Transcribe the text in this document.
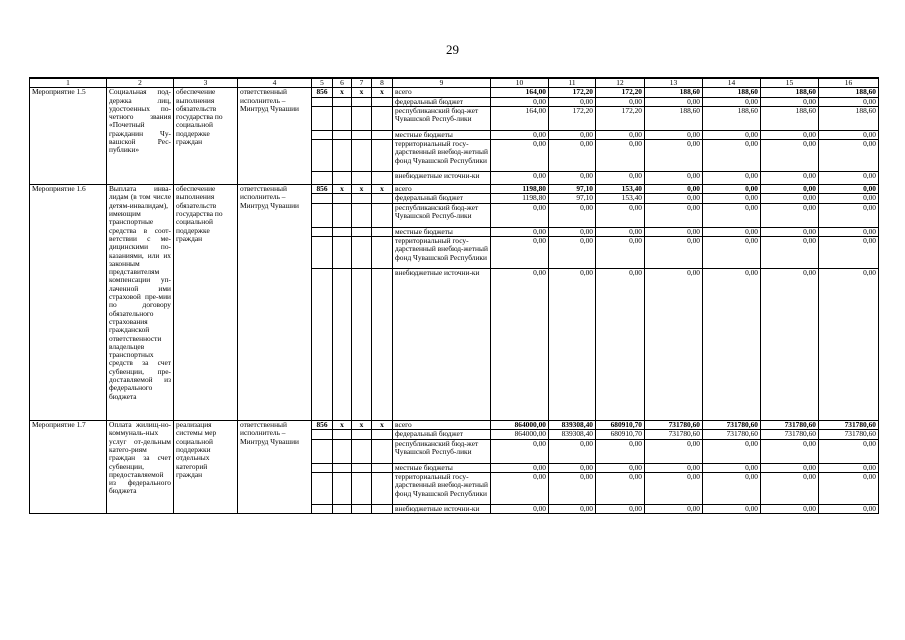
29
1	2	3	4	5	6	7	8	9	10	11	12	13	14	15	16
Мероприятие 1.5	Социальная под-держка лиц, удостоенных по-четного звания «Почетный гражданин Чу-вашской Рес-публики»	обеспечение выполнения обязательств государства по социальной поддержке граждан	ответственный исполнитель – Минтруд Чувашии	856	x	x	x	всего	164,00	172,20	172,20	188,60	188,60	188,60	188,60
								федеральный бюджет	0,00	0,00	0,00	0,00	0,00	0,00	0,00
								республиканский бюд-жет Чувашской Респуб-лики	164,00	172,20	172,20	188,60	188,60	188,60	188,60
								местные бюджеты	0,00	0,00	0,00	0,00	0,00	0,00	0,00
								территориальный госу-дарственный внебюд-жетный фонд Чувашской Республики	0,00	0,00	0,00	0,00	0,00	0,00	0,00
								внебюджетные источни-ки	0,00	0,00	0,00	0,00	0,00	0,00	0,00
Мероприятие 1.6	Выплата инва-лидам (в том числе детям-инвалидам), имеющим транспортные средства в соот-ветствии с ме-дицинскими по-казаниями, или их законным представителям компенсации уп-лаченной ими страховой пре-мии по договору обязательного страхования гражданской ответственности владельцев транспортных средств за счет субвенции, пре-доставляемой из федерального бюджета	обеспечение выполнения обязательств государства по социальной поддержке граждан	ответственный исполнитель – Минтруд Чувашии	856	x	x	x	всего	1198,80	97,10	153,40	0,00	0,00	0,00	0,00
								федеральный бюджет	1198,80	97,10	153,40	0,00	0,00	0,00	0,00
								республиканский бюд-жет Чувашской Респуб-лики	0,00	0,00	0,00	0,00	0,00	0,00	0,00
								местные бюджеты	0,00	0,00	0,00	0,00	0,00	0,00	0,00
								территориальный госу-дарственный внебюд-жетный фонд Чувашской Республики	0,00	0,00	0,00	0,00	0,00	0,00	0,00
								внебюджетные источни-ки	0,00	0,00	0,00	0,00	0,00	0,00	0,00
Мероприятие 1.7	Оплата жилищ-но-коммуналь-ных услуг от-дельным катего-риям граждан за счет субвенции, предоставляемой из федерального бюджета	реализация системы мер социальной поддержки отдельных категорий граждан	ответственный исполнитель – Минтруд Чувашии	856	x	x	x	всего	864000,00	839308,40	680910,70	731780,60	731780,60	731780,60	731780,60
								федеральный бюджет	864000,00	839308,40	680910,70	731780,60	731780,60	731780,60	731780,60
								республиканский бюд-жет Чувашской Респуб-лики	0,00	0,00	0,00	0,00	0,00	0,00	0,00
								местные бюджеты	0,00	0,00	0,00	0,00	0,00	0,00	0,00
								территориальный госу-дарственный внебюд-жетный фонд Чувашской Республики	0,00	0,00	0,00	0,00	0,00	0,00	0,00
								внебюджетные источни-ки	0,00	0,00	0,00	0,00	0,00	0,00	0,00
